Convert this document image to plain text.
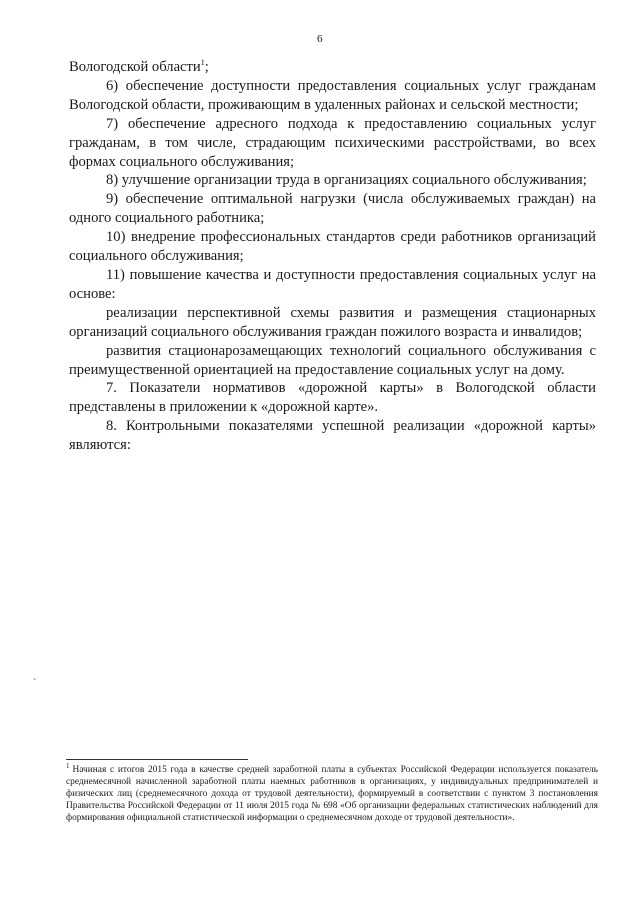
6

Вологодской области$^1$;

6) обеспечение доступности предоставления социальных услуг гражданам Вологодской области, проживающим в удаленных районах и сельской местности;

7) обеспечение адресного подхода к предоставлению социальных услуг гражданам, в том числе, страдающим психическими расстройствами, во всех формах социального обслуживания;

8) улучшение организации труда в организациях социального обслуживания;

9) обеспечение оптимальной нагрузки (числа обслуживаемых граждан) на одного социального работника;

10) внедрение профессиональных стандартов среди работников организаций социального обслуживания;

11) повышение качества и доступности предоставления социальных услуг на основе:

реализации перспективной схемы развития и размещения стационарных организаций социального обслуживания граждан пожилого возраста и инвалидов;

развития стационарозамещающих технологий социального обслуживания с преимущественной ориентацией на предоставление социальных услуг на дому.

7. Показатели нормативов «дорожной карты» в Вологодской области представлены в приложении к «дорожной карте».

8. Контрольными показателями успешной реализации «дорожной карты» являются:

`
$^1$ Начиная с итогов 2015 года в качестве средней заработной платы в субъектах Российской Федерации используется показатель среднемесячной начисленной заработной платы наемных работников в организациях, у индивидуальных предпринимателей и физических лиц (среднемесячного дохода от трудовой деятельности), формируемый в соответствии с пунктом 3 постановления Правительства Российской Федерации от 11 июля 2015 года № 698 «Об организации федеральных статистических наблюдений для формирования официальной статистической информации о среднемесячном доходе от трудовой деятельности».
